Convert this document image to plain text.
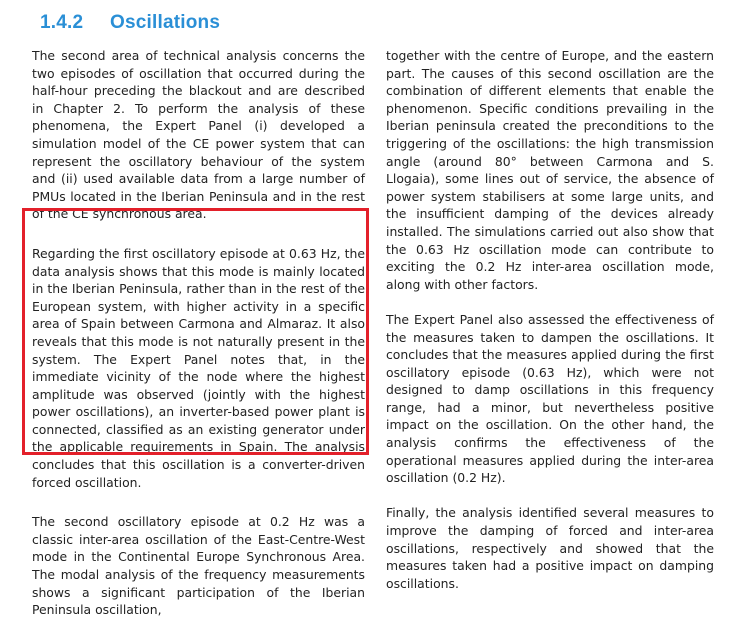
1.4.2	Oscillations

The second area of technical analysis concerns the two episodes of oscillation that occurred during the half-hour preceding the blackout and are described in Chapter 2. To perform the analysis of these phenomena, the Expert Panel (i) developed a simulation model of the CE power system that can represent the oscillatory behaviour of the system and (ii) used available data from a large number of PMUs located in the Iberian Peninsula and in the rest of the CE synchronous area.

Regarding the first oscillatory episode at 0.63 Hz, the data analysis shows that this mode is mainly located in the Iberian Peninsula, rather than in the rest of the European system, with higher activity in a specific area of Spain between Carmona and Almaraz. It also reveals that this mode is not naturally present in the system. The Expert Panel notes that, in the immediate vicinity of the node where the highest amplitude was observed (jointly with the highest power oscillations), an inverter-based power plant is connected, classified as an existing generator under the applicable requirements in Spain. The analysis concludes that this oscillation is a converter-driven forced oscillation.

The second oscillatory episode at 0.2 Hz was a classic inter-area oscillation of the East-Centre-West mode in the Continental Europe Synchronous Area. The modal analysis of the frequency measurements shows a significant participation of the Iberian Peninsula oscillation,

together with the centre of Europe, and the eastern part. The causes of this second oscillation are the combination of different elements that enable the phenomenon. Specific conditions prevailing in the Iberian peninsula created the preconditions to the triggering of the oscillations: the high transmission angle (around 80° between Carmona and S. Llogaia), some lines out of service, the absence of power system stabilisers at some large units, and the insufficient damping of the devices already installed. The simulations carried out also show that the 0.63 Hz oscillation mode can contribute to exciting the 0.2 Hz inter-area oscillation mode, along with other factors.

The Expert Panel also assessed the effectiveness of the measures taken to dampen the oscillations. It concludes that the measures applied during the first oscillatory episode (0.63 Hz), which were not designed to damp oscillations in this frequency range, had a minor, but nevertheless positive impact on the oscillation. On the other hand, the analysis confirms the effectiveness of the operational measures applied during the inter-area oscillation (0.2 Hz).

Finally, the analysis identified several measures to improve the damping of forced and inter-area oscillations, respectively and showed that the measures taken had a positive impact on damping oscillations.
